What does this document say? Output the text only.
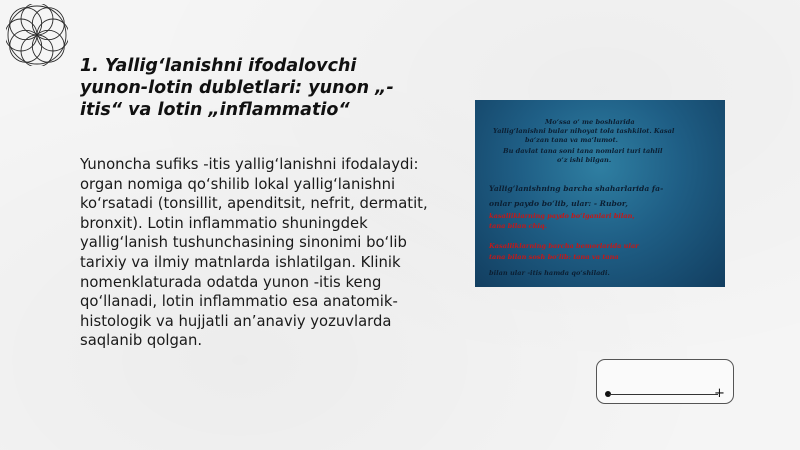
1. Yallig‘lanishni ifodalovchi yunon-lotin dubletlari: yunon „-itis“ va lotin „inflammatio“
Yunoncha sufiks -itis yallig‘lanishni ifodalaydi: organ nomiga qo‘shilib lokal yallig‘lanishni ko‘rsatadi (tonsillit, apenditsit, nefrit, dermatit, bronxit). Lotin inflammatio shuningdek yallig‘lanish tushunchasining sinonimi bo‘lib tarixiy va ilmiy matnlarda ishlatilgan. Klinik nomenklaturada odatda yunon -itis keng qo‘llanadi, lotin inflammatio esa anatomik-histologik va hujjatli an’anaviy yozuvlarda saqlanib qolgan.
Mo‘ssa o‘ me boshlarida
Yallig‘lanishni bular nihoyat tola tashkilot. Kasal
ba‘zan tana va ma‘lumot.
Bu davlat tana soni tana nomlari turi tahlil
o‘z ishi bilgan.
Yallig‘lanishning barcha shaharlarida fa-
onlar paydo bo‘lib, ular: - Rubor,
kasalliklarning paydo bo‘lganlari bilan,
tana bilan chiq.
Kasalliklarning barcha bemorlarida ular
tana bilan sosh bo‘lib: tana va tana
bilan ular -itis hamda qo‘shiladi.
+
